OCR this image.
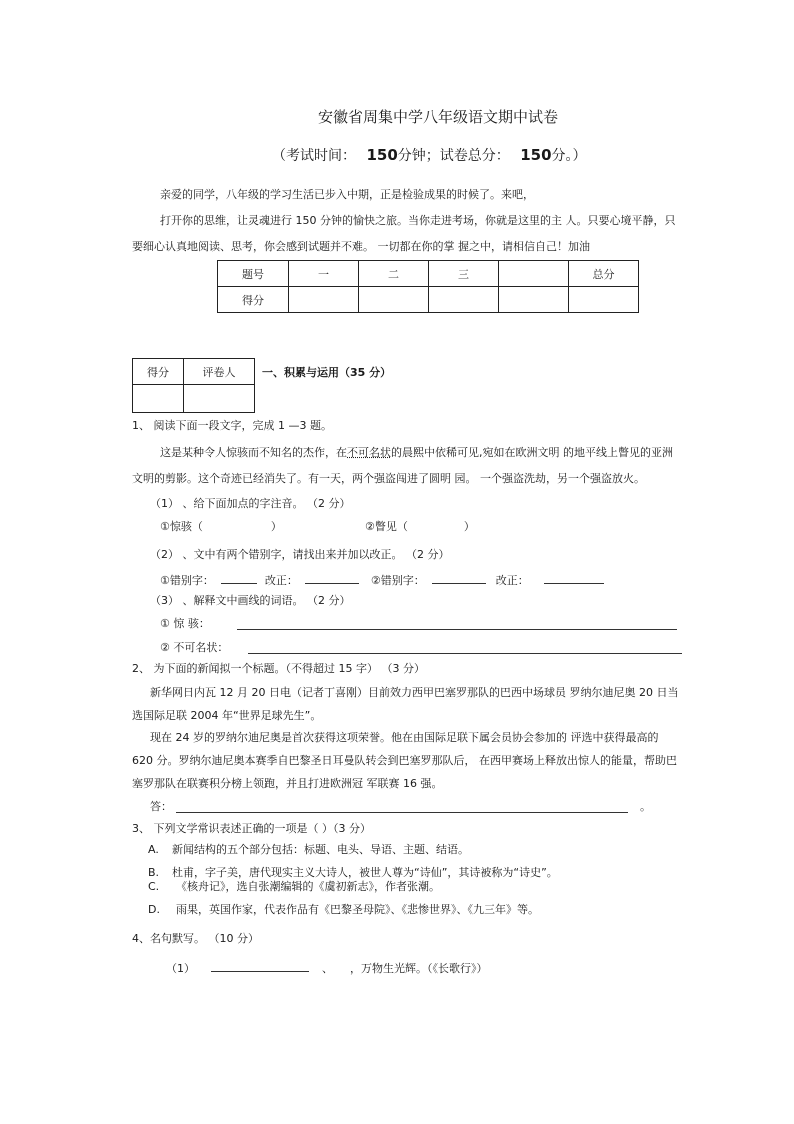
安徽省周集中学八年级语文期中试卷
（考试时间： 150分钟；试卷总分： 150分。）
亲爱的同学，八年级的学习生活已步入中期，正是检验成果的时候了。来吧，
打开你的思维，让灵魂进行 150 分钟的愉快之旅。当你走进考场，你就是这里的主 人。只要心境平静，只
要细心认真地阅读、思考，你会感到试题并不难。 一切都在你的掌 握之中，请相信自己！加油
题号	一	二	三		总分
得分					
得分	评卷人
	一、积累与运用（35 分）
1、 阅读下面一段文字，完成 1 —3 题。
这是某种令人惊骇而不知名的杰作，在不可名状的晨熙中依稀可见,宛如在欧洲文明 的地平线上瞥见的亚洲
文明的剪影。这个奇迹已经消失了。有一天，两个强盗闯进了圆明 园。 一个强盗洗劫，另一个强盗放火。
（1） 、给下面加点的字注音。 （2 分）
①惊骇（	）	②瞥见（	）
（2） 、文中有两个错别字，请找出来并加以改正。 （2 分）
①错别字：	改正：	②错别字：	改正：
（3） 、解释文中画线的词语。 （2 分）
① 惊 骇：
② 不可名状：
2、 为下面的新闻拟一个标题。（不得超过 15 字） （3 分）
新华网日内瓦 12 月 20 日电（记者丁喜刚）目前效力西甲巴塞罗那队的巴西中场球员 罗纳尔迪尼奥 20 日当
选国际足联 2004 年“世界足球先生”。
现在 24 岁的罗纳尔迪尼奥是首次获得这项荣誉。他在由国际足联下属会员协会参加的 评选中获得最高的
620 分。罗纳尔迪尼奥本赛季自巴黎圣日耳曼队转会到巴塞罗那队后， 在西甲赛场上释放出惊人的能量，帮助巴
塞罗那队在联赛积分榜上领跑，并且打进欧洲冠 军联赛 16 强。
答：	。
3、 下列文学常识表述正确的一项是（ ）（3 分）
A. 新闻结构的五个部分包括：标题、电头、导语、主题、结语。
B. 杜甫，字子美，唐代现实主义大诗人，被世人尊为“诗仙”，其诗被称为“诗史”。
C. 《核舟记》，选自张潮编辑的《虞初新志》，作者张潮。
D. 雨果，英国作家，代表作品有《巴黎圣母院》、《悲惨世界》、《九三年》等。
4、名句默写。 （10 分）
（1）	、 ，万物生光辉。（《长歌行》）
